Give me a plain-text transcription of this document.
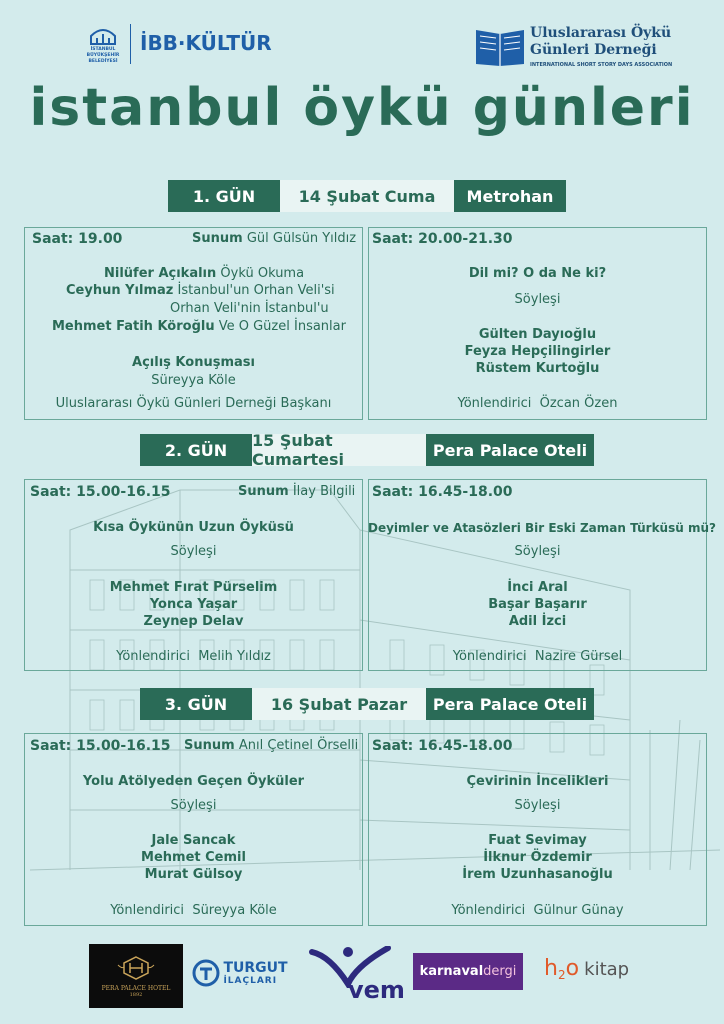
İSTANBUL BÜYÜKŞEHİR BELEDİYESİ
İBB·KÜLTÜR	Uluslararası Öykü
Günleri Derneği
INTERNATIONAL SHORT STORY DAYS ASSOCIATION
istanbul öykü günleri
1. GÜN	14 Şubat Cuma	Metrohan
Saat: 19.00	Sunum Gül Gülsün Yıldız
Nilüfer Açıkalın Öykü Okuma
Ceyhun Yılmaz İstanbul'un Orhan Veli'si
Orhan Veli'nin İstanbul'u
Mehmet Fatih Köroğlu Ve O Güzel İnsanlar
Açılış Konuşması
Süreyya Köle
Uluslararası Öykü Günleri Derneği Başkanı
Saat: 20.00-21.30
Dil mi? O da Ne ki?
Söyleşi
Gülten Dayıoğlu
Feyza Hepçilingirler
Rüstem Kurtoğlu
Yönlendirici Özcan Özen
2. GÜN	15 Şubat Cumartesi	Pera Palace Oteli
Saat: 15.00-16.15	Sunum İlay Bilgili
Kısa Öykünün Uzun Öyküsü
Söyleşi
Mehmet Fırat Pürselim
Yonca Yaşar
Zeynep Delav
Yönlendirici Melih Yıldız
Saat: 16.45-18.00
Deyimler ve Atasözleri Bir Eski Zaman Türküsü mü?
Söyleşi
İnci Aral
Başar Başarır
Adil İzci
Yönlendirici Nazire Gürsel
3. GÜN	16 Şubat Pazar	Pera Palace Oteli
Saat: 15.00-16.15 Sunum Anıl Çetinel Örselli
Yolu Atölyeden Geçen Öyküler
Söyleşi
Jale Sancak
Mehmet Cemil
Murat Gülsoy
Yönlendirici Süreyya Köle
Saat: 16.45-18.00
Çevirinin İncelikleri
Söyleşi
Fuat Sevimay
İlknur Özdemir
İrem Uzunhasanoğlu
Yönlendirici Gülnur Günay
PERA PALACE HOTEL
1892
TURGUT
İLAÇLARI	vem
karnaval dergi $h_2o$ kitap
